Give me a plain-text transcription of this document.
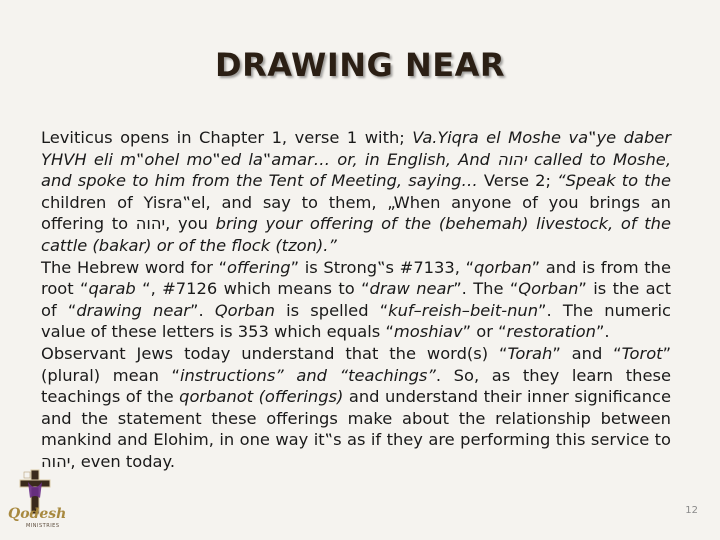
DRAWING NEAR

Leviticus opens in Chapter 1, verse 1 with; Va.Yiqra el Moshe va‟ye daber YHVH eli m‟ohel mo‟ed la‟amar… or, in English, And יהוה called to Moshe, and spoke to him from the Tent of Meeting, saying… Verse 2; “Speak to the children of Yisra‟el, and say to them, „When anyone of you brings an offering to יהוה, you bring your offering of the (behemah) livestock, of the cattle (bakar) or of the flock (tzon).”

The Hebrew word for “offering” is Strong‟s #7133, “qorban” and is from the root “qarab “, #7126 which means to “draw near”. The “Qorban” is the act of “drawing near”. Qorban is spelled “kuf–reish–beit-nun”. The numeric value of these letters is 353 which equals “moshiav” or “restoration”.

Observant Jews today understand that the word(s) “Torah” and “Torot” (plural) mean “instructions” and “teachings”. So, as they learn these teachings of the qorbanot (offerings) and understand their inner significance and the statement these offerings make about the relationship between mankind and Elohim, in one way it‟s as if they are performing this service to יהוה, even today.

Qodesh
MINISTRIES
12
